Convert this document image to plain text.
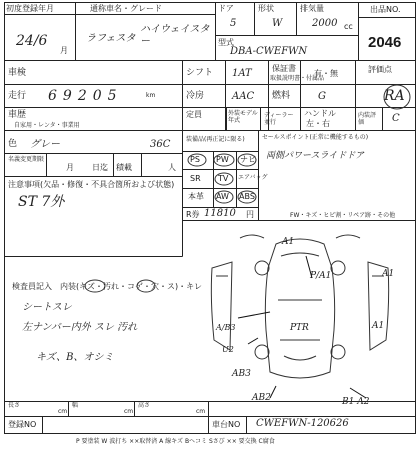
初度登録年月
24/6
月
通称車名・グレード
ラフェスタ
ハイウェイスター
ドア
5
形状
W
排気量
2000 cc
型式
DBA-CWEFWN
出品NO.
2046
車検
走行 69205	km
車歴
自家用・レンタ・事業用
色 グレー	36C
名義変更期限
月 日迄 積載	人
シフト 1AT	保証書
取扱説明書・付属品
有・無	評価点
RA
冷房	AAC 燃料	G
定員	外装モデル年式
ハンドル
左・右
ディーラー並行
内装評価	C
装備品(再正記に限る)
PS PW ナビ
SR TV エアバッグ
本革 AW ABS
R券 11810 円
セールスポイント(正常に機能するもの)
両側パワースライドドア
FW・キズ・ヒビ割・リペア跡・その他
注意事項(欠品・修復・不具合箇所および状態)
ST 7外
検査員記入 内装(キズ・汚れ・コゲ・穴・ス)・キレ
シートスレ
左ナンバー内外 スレ 汚れ
キズ、B、オシミ
A1
P/A1
A/B3
U2
PTR	A1
AB3
AB2	B1 A2
A1
長さ
cm
幅
cm
高さ
cm
登録NO	車台NO CWEFWN-120626
P 要塗装 W 波打ち ××取替済 A 線キズ Bヘコミ Sさび ×× 要交換 C腐食
